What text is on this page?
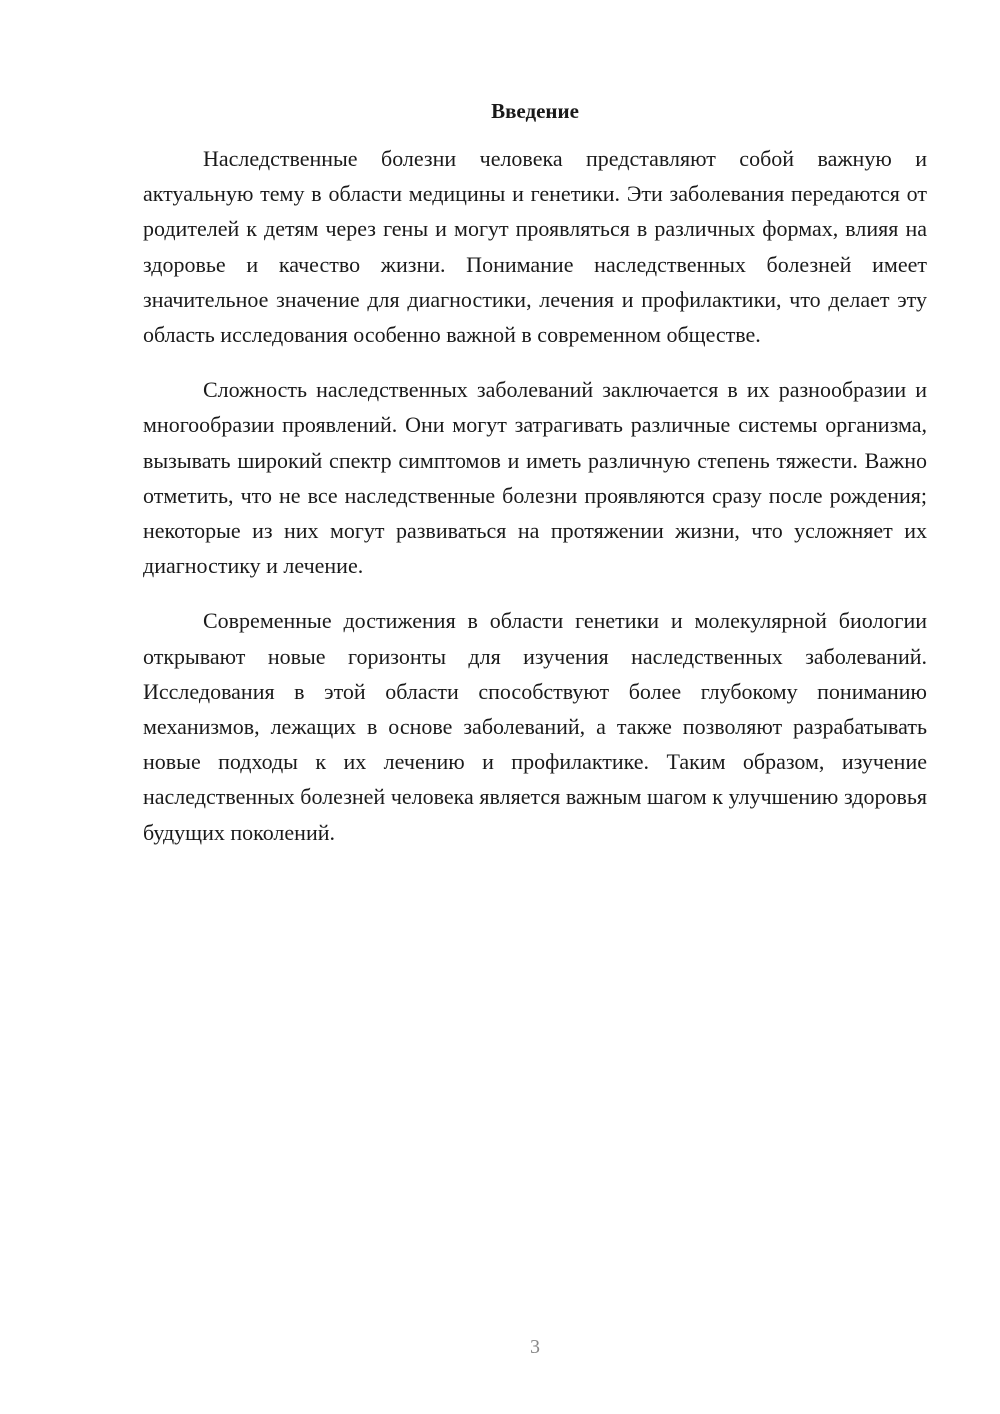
Введение

Наследственные болезни человека представляют собой важную и актуальную тему в области медицины и генетики. Эти заболевания передаются от родителей к детям через гены и могут проявляться в различных формах, влияя на здоровье и качество жизни. Понимание наследственных болезней имеет значительное значение для диагностики, лечения и профилактики, что делает эту область исследования особенно важной в современном обществе.

Сложность наследственных заболеваний заключается в их разнообразии и многообразии проявлений. Они могут затрагивать различные системы организма, вызывать широкий спектр симптомов и иметь различную степень тяжести. Важно отметить, что не все наследственные болезни проявляются сразу после рождения; некоторые из них могут развиваться на протяжении жизни, что усложняет их диагностику и лечение.

Современные достижения в области генетики и молекулярной биологии открывают новые горизонты для изучения наследственных заболеваний. Исследования в этой области способствуют более глубокому пониманию механизмов, лежащих в основе заболеваний, а также позволяют разрабатывать новые подходы к их лечению и профилактике. Таким образом, изучение наследственных болезней человека является важным шагом к улучшению здоровья будущих поколений.

3
